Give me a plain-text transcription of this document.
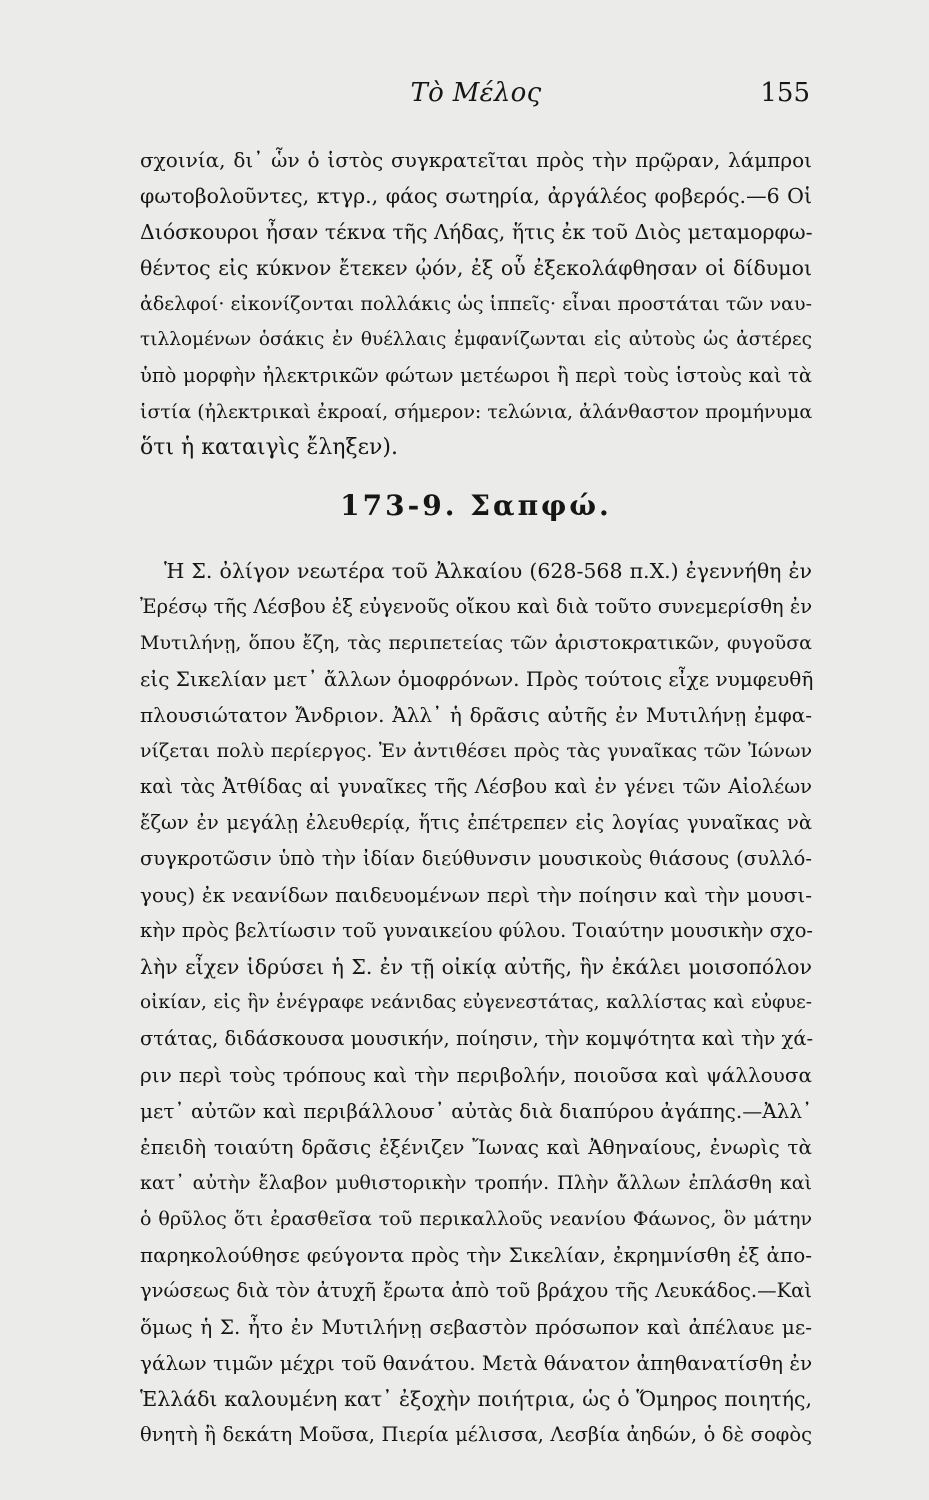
Τὸ Μέλος	155
σχοινία, δι᾽ ὧν ὁ ἱστὸς συγκρατεῖται πρὸς τὴν πρῷραν, λάμπροι
φωτοβολοῦντες, κτγρ., φάος σωτηρία, ἀργάλέος φοβερός.—6 Οἱ
Διόσκουροι ἦσαν τέκνα τῆς Λήδας, ἥτις ἐκ τοῦ Διὸς μεταμορφω-
θέντος εἰς κύκνον ἔτεκεν ᾠόν, ἐξ οὗ ἐξεκολάφθησαν οἱ δίδυμοι
ἀδελφοί· εἰκονίζονται πολλάκις ὡς ἱππεῖς· εἶναι προστάται τῶν ναυ-
τιλλομένων ὁσάκις ἐν θυέλλαις ἐμφανίζωνται εἰς αὐτοὺς ὡς ἀστέρες
ὑπὸ μορφὴν ἠλεκτρικῶν φώτων μετέωροι ἢ περὶ τοὺς ἱστοὺς καὶ τὰ
ἱστία (ἠλεκτρικαὶ ἐκροαί, σήμερον: τελώνια, ἀλάνθαστον προμήνυμα
ὅτι ἡ καταιγὶς ἔληξεν).
173-9. Σαπφώ.
Ἡ Σ. ὀλίγον νεωτέρα τοῦ Ἀλκαίου (628-568 π.Χ.) ἐγεννήθη ἐν
Ἐρέσῳ τῆς Λέσβου ἐξ εὐγενοῦς οἴκου καὶ διὰ τοῦτο συνεμερίσθη ἐν
Μυτιλήνῃ, ὅπου ἔζη, τὰς περιπετείας τῶν ἀριστοκρατικῶν, φυγοῦσα
εἰς Σικελίαν μετ᾽ ἄλλων ὁμοφρόνων. Πρὸς τούτοις εἶχε νυμφευθῆ
πλουσιώτατον Ἄνδριον. Ἀλλ᾽ ἡ δρᾶσις αὐτῆς ἐν Μυτιλήνῃ ἐμφα-
νίζεται πολὺ περίεργος. Ἐν ἀντιθέσει πρὸς τὰς γυναῖκας τῶν Ἰώνων
καὶ τὰς Ἀτθίδας αἱ γυναῖκες τῆς Λέσβου καὶ ἐν γένει τῶν Αἰολέων
ἔζων ἐν μεγάλῃ ἐλευθερίᾳ, ἥτις ἐπέτρεπεν εἰς λογίας γυναῖκας νὰ
συγκροτῶσιν ὑπὸ τὴν ἰδίαν διεύθυνσιν μουσικοὺς θιάσους (συλλό-
γους) ἐκ νεανίδων παιδευομένων περὶ τὴν ποίησιν καὶ τὴν μουσι-
κὴν πρὸς βελτίωσιν τοῦ γυναικείου φύλου. Τοιαύτην μουσικὴν σχο-
λὴν εἶχεν ἱδρύσει ἡ Σ. ἐν τῇ οἰκίᾳ αὐτῆς, ἣν ἐκάλει μοισοπόλον
οἰκίαν, εἰς ἣν ἐνέγραφε νεάνιδας εὐγενεστάτας, καλλίστας καὶ εὐφυε-
στάτας, διδάσκουσα μουσικήν, ποίησιν, τὴν κομψότητα καὶ τὴν χά-
ριν περὶ τοὺς τρόπους καὶ τὴν περιβολήν, ποιοῦσα καὶ ψάλλουσα
μετ᾽ αὐτῶν καὶ περιβάλλουσ᾽ αὐτὰς διὰ διαπύρου ἀγάπης.—Ἀλλ᾽
ἐπειδὴ τοιαύτη δρᾶσις ἐξένιζεν Ἴωνας καὶ Ἀθηναίους, ἐνωρὶς τὰ
κατ᾽ αὐτὴν ἔλαβον μυθιστορικὴν τροπήν. Πλὴν ἄλλων ἐπλάσθη καὶ
ὁ θρῦλος ὅτι ἐρασθεῖσα τοῦ περικαλλοῦς νεανίου Φάωνος, ὃν μάτην
παρηκολούθησε φεύγοντα πρὸς τὴν Σικελίαν, ἐκρημνίσθη ἐξ ἀπο-
γνώσεως διὰ τὸν ἀτυχῆ ἔρωτα ἀπὸ τοῦ βράχου τῆς Λευκάδος.—Καὶ
ὅμως ἡ Σ. ἦτο ἐν Μυτιλήνῃ σεβαστὸν πρόσωπον καὶ ἀπέλαυε με-
γάλων τιμῶν μέχρι τοῦ θανάτου. Μετὰ θάνατον ἀπηθανατίσθη ἐν
Ἑλλάδι καλουμένη κατ᾽ ἐξοχὴν ποιήτρια, ὡς ὁ Ὅμηρος ποιητής,
θνητὴ ἢ δεκάτη Μοῦσα, Πιερία μέλισσα, Λεσβία ἀηδών, ὁ δὲ σοφὸς
